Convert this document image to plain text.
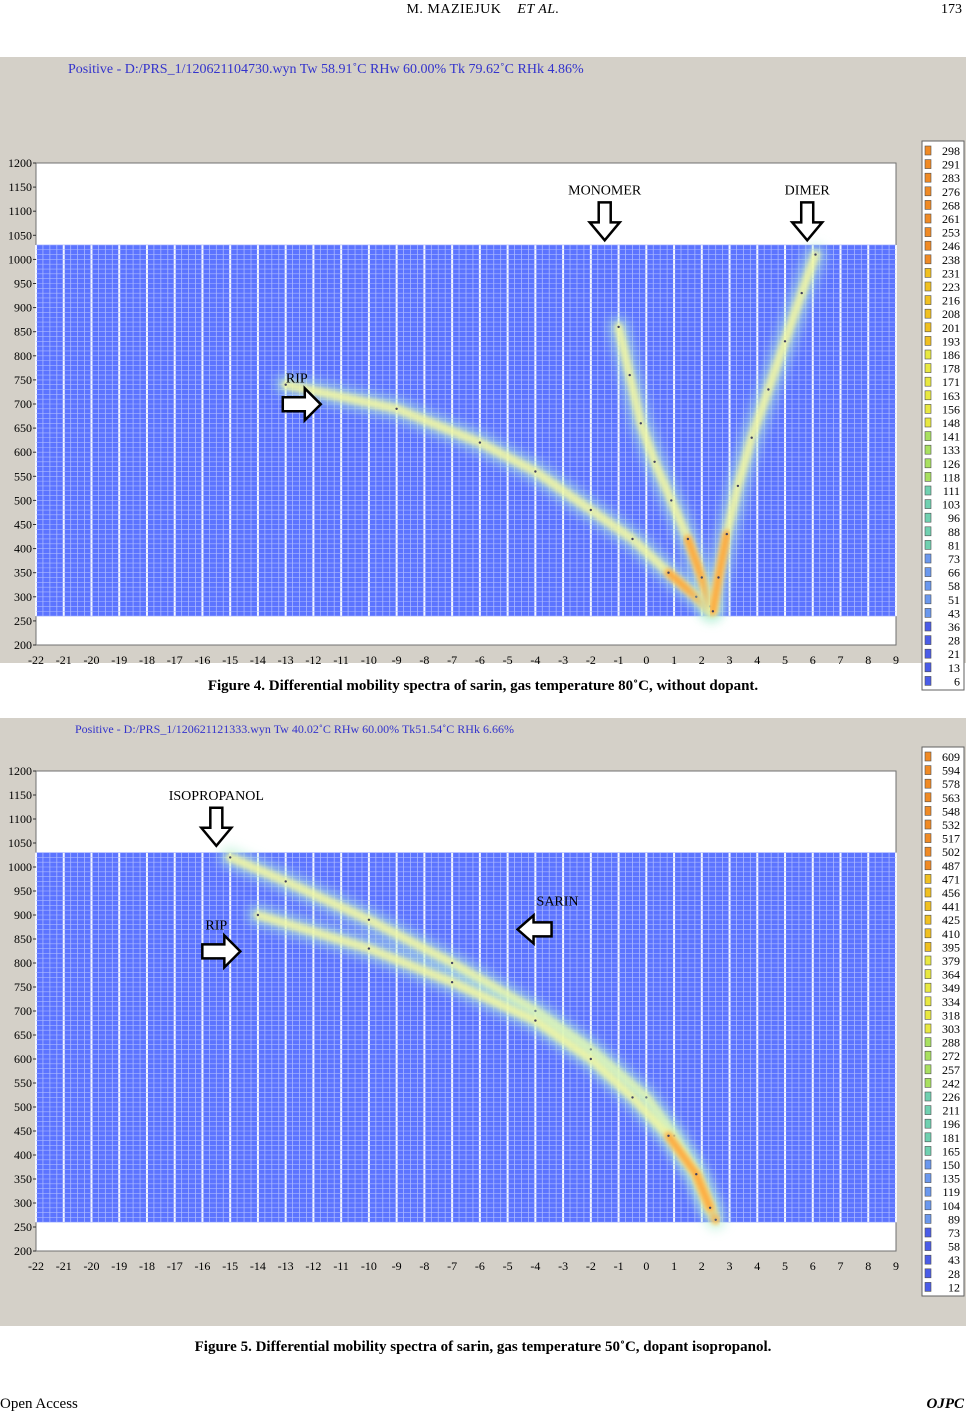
M. MAZIEJUK ET AL.	173
Positive - D:/PRS_1/120621104730.wyn Tw 58.91˚C RHw 60.00% Tk 79.62˚C RHk 4.86%
1200
1150
1100
1050
1000
950
900
850
800
750
700
650
600
550
500
450
400
350
300
250
200
-22 -21 -20 -19 -18 -17 -16 -15 -14 -13 -12 -11 -10 -9 -8 -7 -6 -5 -4 -3 -2 -1 0 1 2 3 4 5 6 7 8 9
MONOMER	DIMER
RIP
298
291
283
276
268
261
253
246
238
231
223
216
208
201
193
186
178
171
163
156
148
141
133
126
118
111
103
96
88
81
73
66
58
51
43
36
28
21
13
6
Figure 4. Differential mobility spectra of sarin, gas temperature 80˚C, without dopant.
Positive - D:/PRS_1/120621121333.wyn Tw 40.02˚C RHw 60.00% Tk51.54˚C RHk 6.66%
1200
1150
1100
1050
1000
950
900
850
800
750
700
650
600
550
500
450
400
350
300
250
200
-22 -21 -20 -19 -18 -17 -16 -15 -14 -13 -12 -11 -10 -9 -8 -7 -6 -5 -4 -3 -2 -1 0 1 2 3 4 5 6 7 8 9
ISOPROPANOL
SARIN
RIP
609
594
578
563
548
532
517
502
487
471
456
441
425
410
395
379
364
349
334
318
303
288
272
257
242
226
211
196
181
165
150
135
119
104
89
73
58
43
28
12
Figure 5. Differential mobility spectra of sarin, gas temperature 50˚C, dopant isopropanol.
Open Access	OJPC
